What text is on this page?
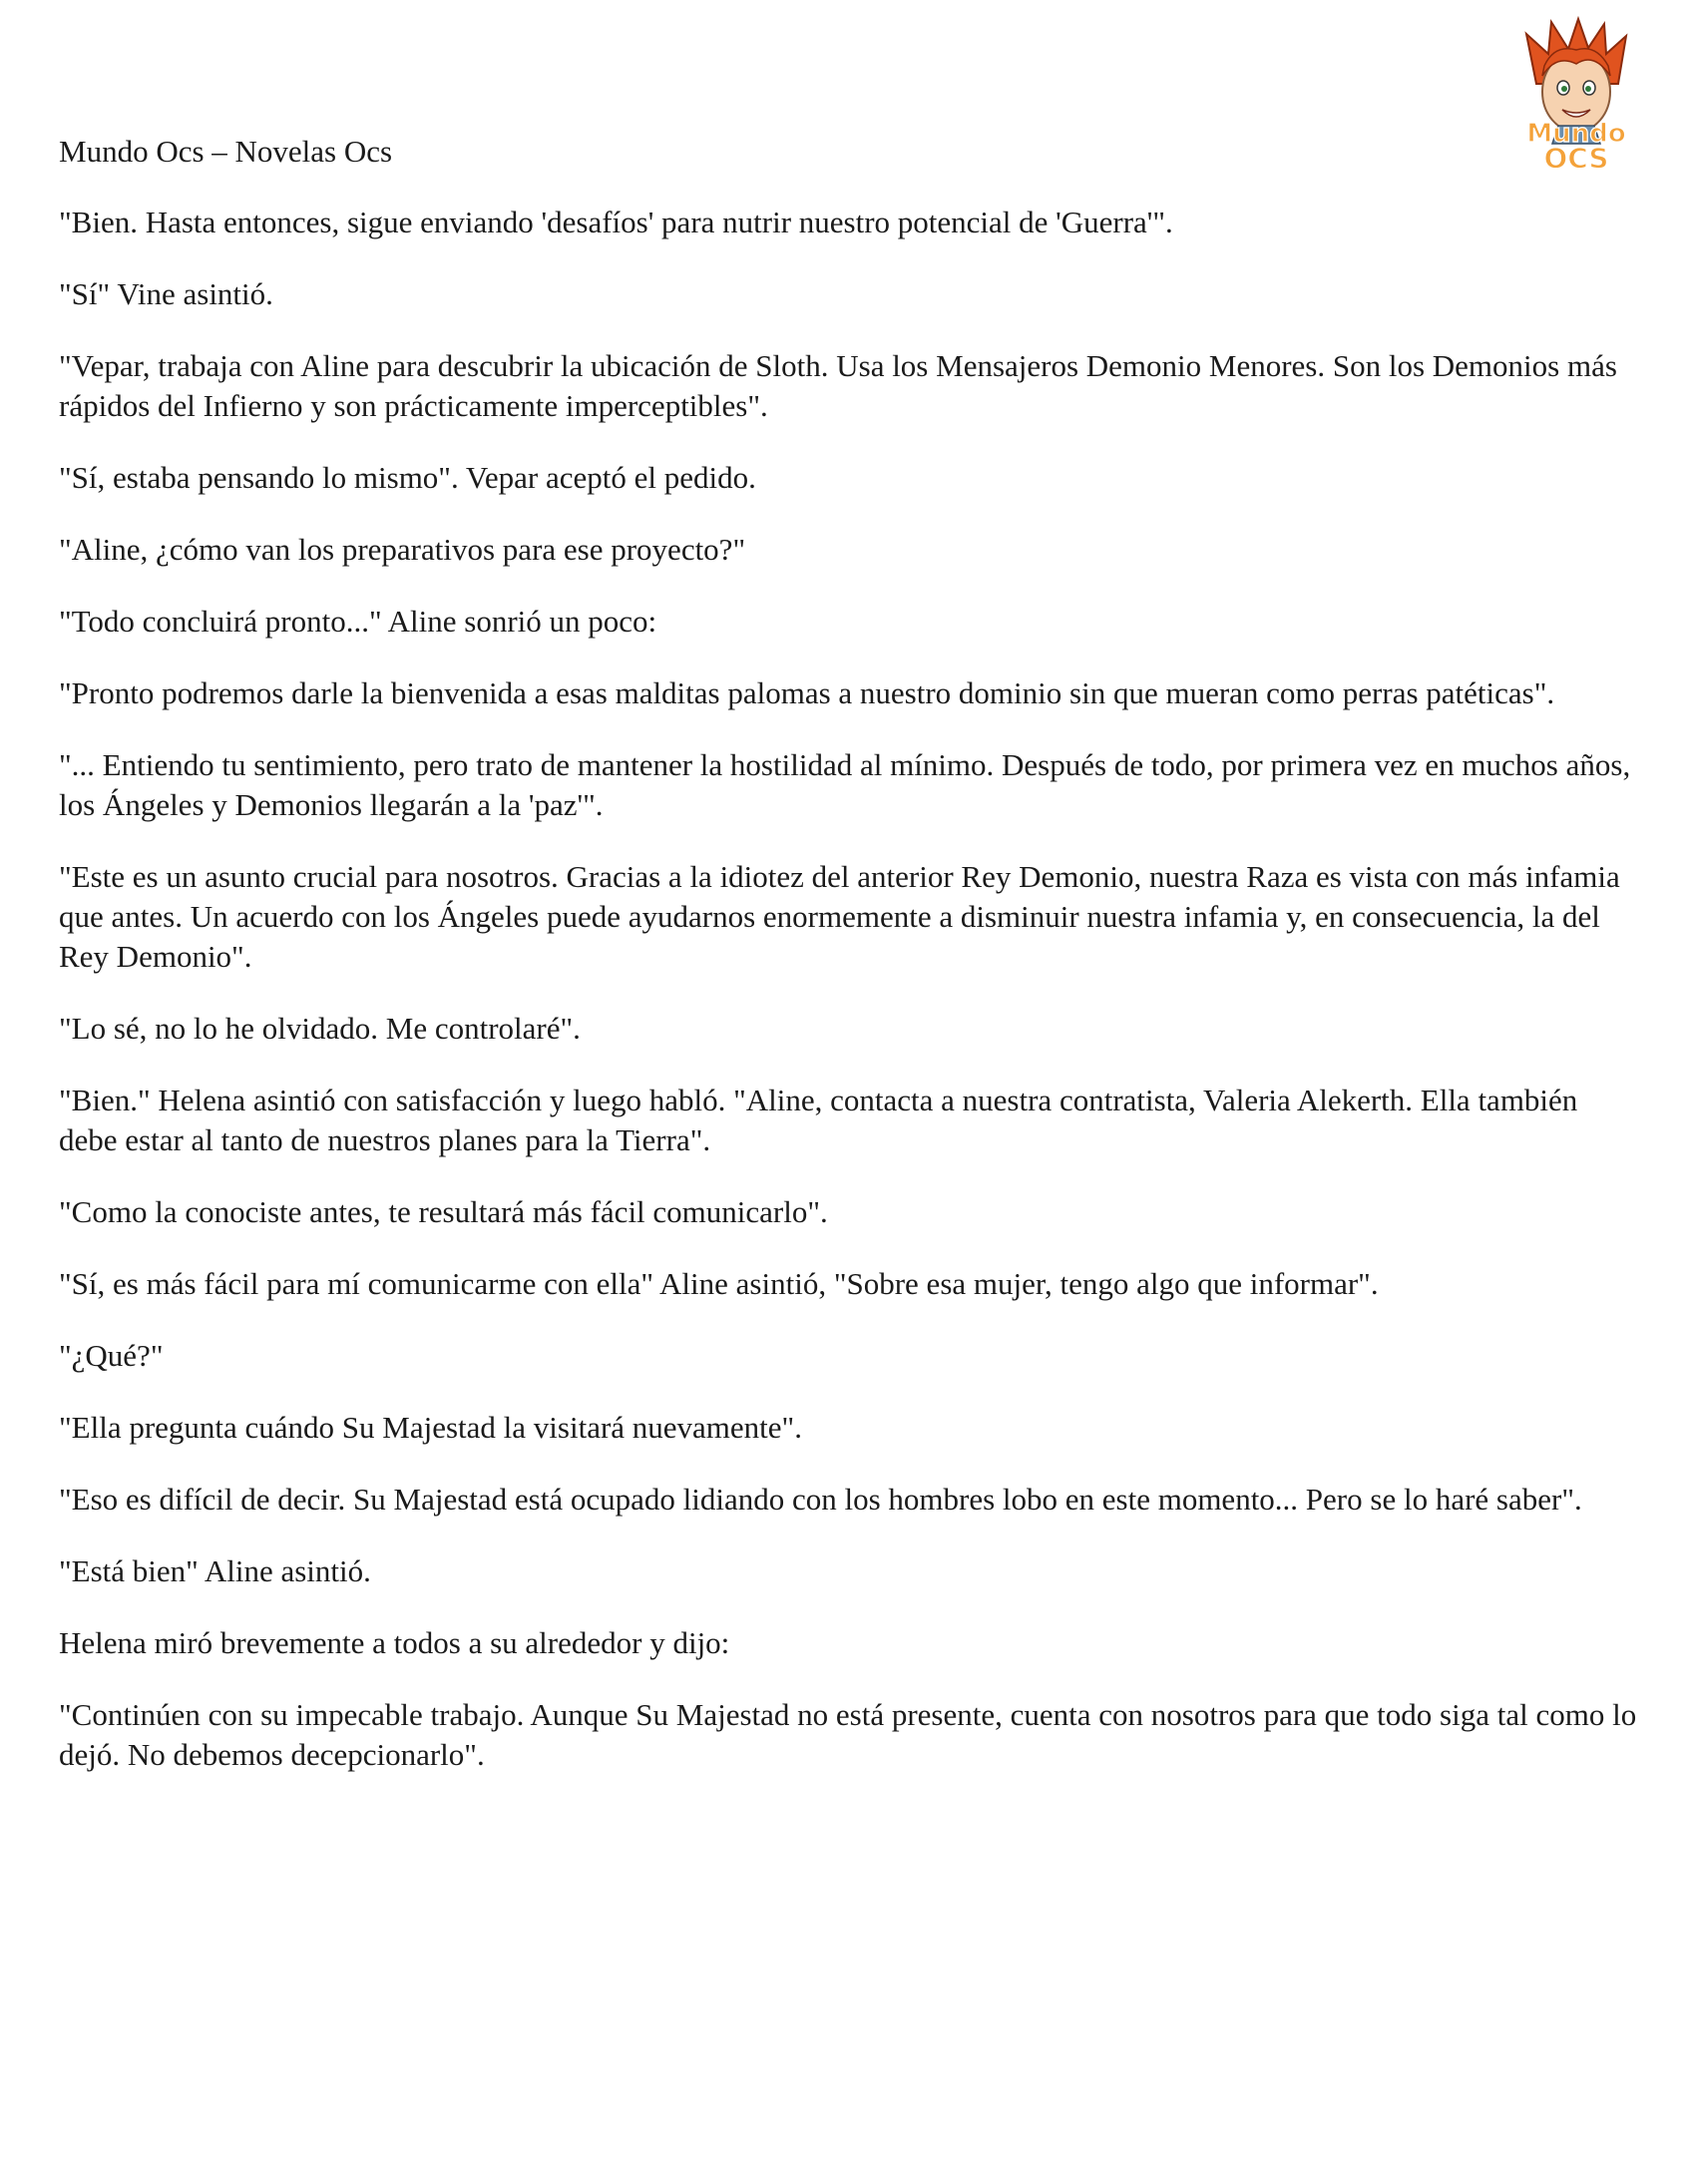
Mundo Ocs – Novelas Ocs	Mundo
OCS

"Bien. Hasta entonces, sigue enviando 'desafíos' para nutrir nuestro potencial de 'Guerra'".

"Sí" Vine asintió.

"Vepar, trabaja con Aline para descubrir la ubicación de Sloth. Usa los Mensajeros Demonio Menores. Son los Demonios más rápidos del Infierno y son prácticamente imperceptibles".

"Sí, estaba pensando lo mismo". Vepar aceptó el pedido.

"Aline, ¿cómo van los preparativos para ese proyecto?"

"Todo concluirá pronto..." Aline sonrió un poco:

"Pronto podremos darle la bienvenida a esas malditas palomas a nuestro dominio sin que mueran como perras patéticas".

"... Entiendo tu sentimiento, pero trato de mantener la hostilidad al mínimo. Después de todo, por primera vez en muchos años, los Ángeles y Demonios llegarán a la 'paz'".

"Este es un asunto crucial para nosotros. Gracias a la idiotez del anterior Rey Demonio, nuestra Raza es vista con más infamia que antes. Un acuerdo con los Ángeles puede ayudarnos enormemente a disminuir nuestra infamia y, en consecuencia, la del Rey Demonio".

"Lo sé, no lo he olvidado. Me controlaré".

"Bien." Helena asintió con satisfacción y luego habló. "Aline, contacta a nuestra contratista, Valeria Alekerth. Ella también debe estar al tanto de nuestros planes para la Tierra".

"Como la conociste antes, te resultará más fácil comunicarlo".

"Sí, es más fácil para mí comunicarme con ella" Aline asintió, "Sobre esa mujer, tengo algo que informar".

"¿Qué?"

"Ella pregunta cuándo Su Majestad la visitará nuevamente".

"Eso es difícil de decir. Su Majestad está ocupado lidiando con los hombres lobo en este momento... Pero se lo haré saber".

"Está bien" Aline asintió.

Helena miró brevemente a todos a su alrededor y dijo:

"Continúen con su impecable trabajo. Aunque Su Majestad no está presente, cuenta con nosotros para que todo siga tal como lo dejó. No debemos decepcionarlo".
